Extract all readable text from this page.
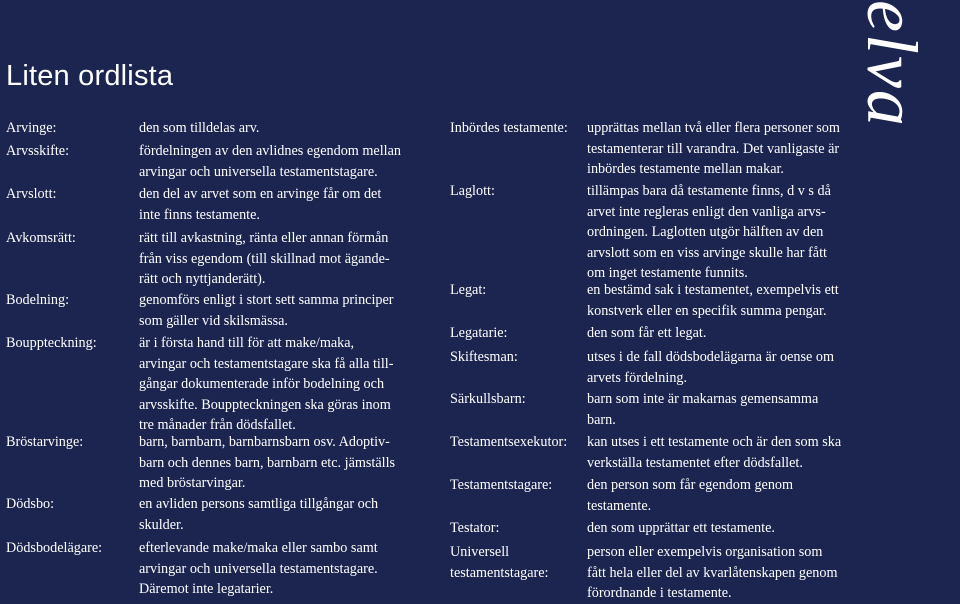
Liten ordlista	elva
Arvinge:	den som tilldelas arv.
Arvsskifte:	fördelningen av den avlidnes egendom mellan
arvingar och universella testamentstagare.
Arvslott:	den del av arvet som en arvinge får om det
inte finns testamente.
Avkomsrätt:	rätt till avkastning, ränta eller annan förmån
från viss egendom (till skillnad mot ägande-
rätt och nyttjanderätt).
Bodelning:	genomförs enligt i stort sett samma principer
som gäller vid skilsmässa.
Bouppteckning:	är i första hand till för att make/maka,
arvingar och testamentstagare ska få alla till-
gångar dokumenterade inför bodelning och
arvsskifte. Bouppteckningen ska göras inom
tre månader från dödsfallet.
Bröstarvinge:	barn, barnbarn, barnbarnsbarn osv. Adoptiv-
barn och dennes barn, barnbarn etc. jämställs
med bröstarvingar.
Dödsbo:	en avliden persons samtliga tillgångar och
skulder.
Dödsbodelägare:	efterlevande make/maka eller sambo samt
arvingar och universella testamentstagare.
Däremot inte legatarier.
Inbördes testamente: upprättas mellan två eller flera personer som
testamenterar till varandra. Det vanligaste är
inbördes testamente mellan makar.
Laglott:	tillämpas bara då testamente finns, d v s då
arvet inte regleras enligt den vanliga arvs-
ordningen. Laglotten utgör hälften av den
arvslott som en viss arvinge skulle har fått
om inget testamente funnits.
Legat:	en bestämd sak i testamentet, exempelvis ett
konstverk eller en specifik summa pengar.
Legatarie:	den som får ett legat.
Skiftesman:	utses i de fall dödsbodelägarna är oense om
arvets fördelning.
Särkullsbarn:	barn som inte är makarnas gemensamma
barn.
Testamentsexekutor: kan utses i ett testamente och är den som ska
verkställa testamentet efter dödsfallet.
Testamentstagare: den person som får egendom genom
testamente.
Testator:	den som upprättar ett testamente.
Universell
testamentstagare:
person eller exempelvis organisation som
fått hela eller del av kvarlåtenskapen genom
förordnande i testamente.
